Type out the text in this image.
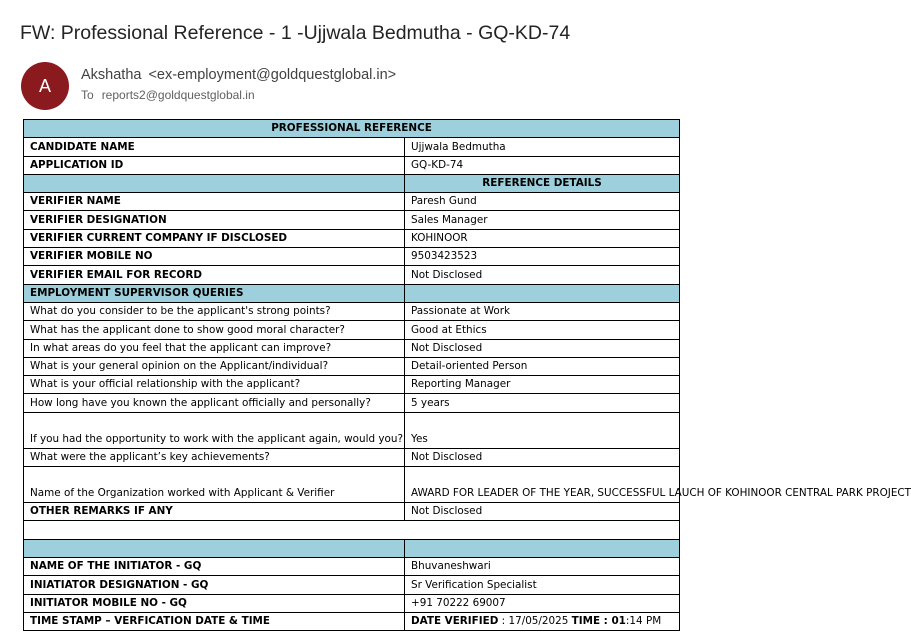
FW: Professional Reference - 1 -Ujjwala Bedmutha - GQ-KD-74
A
Akshatha <ex-employment@goldquestglobal.in>
To reports2@goldquestglobal.in
PROFESSIONAL REFERENCE	
CANDIDATE NAME	Ujjwala Bedmutha
APPLICATION ID	GQ-KD-74
	REFERENCE DETAILS
VERIFIER NAME	Paresh Gund
VERIFIER DESIGNATION	Sales Manager
VERIFIER CURRENT COMPANY IF DISCLOSED	KOHINOOR
VERIFIER MOBILE NO	9503423523
VERIFIER EMAIL FOR RECORD	Not Disclosed
EMPLOYMENT SUPERVISOR QUERIES	
What do you consider to be the applicant's strong points?	Passionate at Work
What has the applicant done to show good moral character?	Good at Ethics
In what areas do you feel that the applicant can improve?	Not Disclosed
What is your general opinion on the Applicant/individual?	Detail-oriented Person
What is your official relationship with the applicant?	Reporting Manager
How long have you known the applicant officially and personally?	5 years
If you had the opportunity to work with the applicant again, would you?	Yes
What were the applicant’s key achievements?	Not Disclosed
Name of the Organization worked with Applicant & Verifier	AWARD FOR LEADER OF THE YEAR, SUCCESSFUL LAUCH OF KOHINOOR CENTRAL PARK PROJECT
OTHER REMARKS IF ANY	Not Disclosed

NAME OF THE INITIATOR - GQ	Bhuvaneshwari
INIATIATOR DESIGNATION - GQ	Sr Verification Specialist
INITIATOR MOBILE NO - GQ	+91 70222 69007
TIME STAMP – VERFICATION DATE & TIME	DATE VERIFIED : 17/05/2025 TIME : 01:14 PM
